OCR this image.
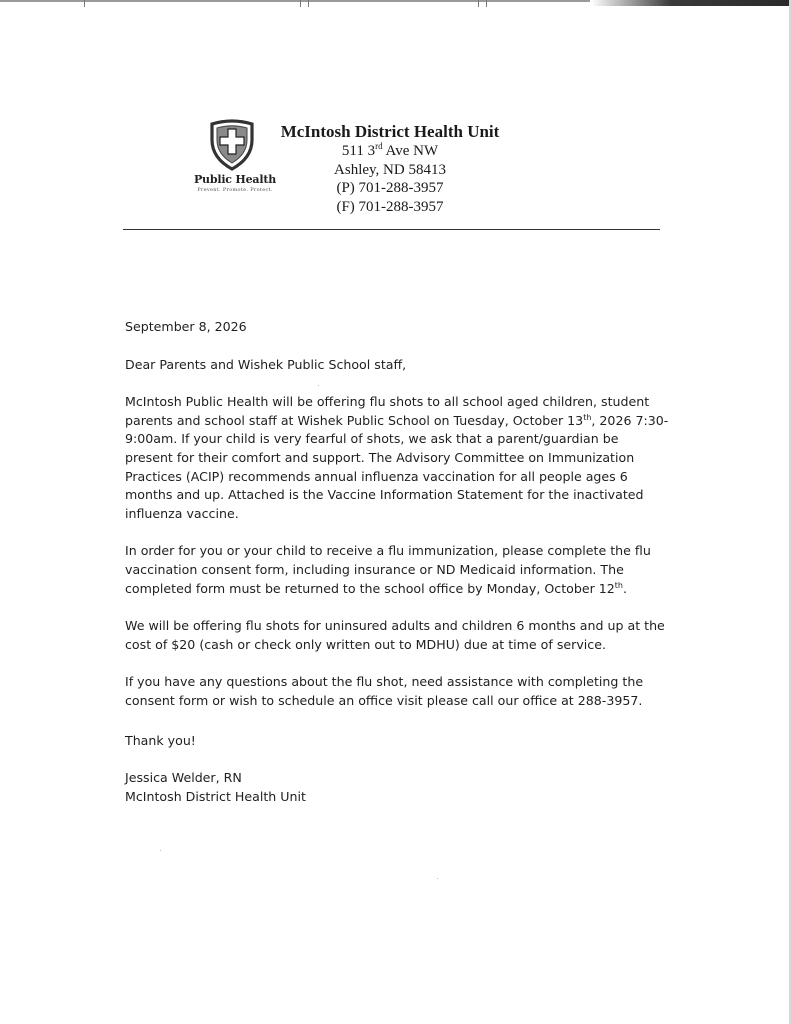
Public Health
Prevent. Promote. Protect.
McIntosh District Health Unit
511 3rd Ave NW
Ashley, ND 58413
(P) 701-288-3957
(F) 701-288-3957

September 8, 2026

Dear Parents and Wishek Public School staff,

McIntosh Public Health will be offering flu shots to all school aged children, student parents and school staff at Wishek Public School on Tuesday, October 13th, 2026 7:30-9:00am. If your child is very fearful of shots, we ask that a parent/guardian be present for their comfort and support. The Advisory Committee on Immunization Practices (ACIP) recommends annual influenza vaccination for all people ages 6 months and up. Attached is the Vaccine Information Statement for the inactivated influenza vaccine.

In order for you or your child to receive a flu immunization, please complete the flu vaccination consent form, including insurance or ND Medicaid information. The completed form must be returned to the school office by Monday, October 12th.

We will be offering flu shots for uninsured adults and children 6 months and up at the cost of $20 (cash or check only written out to MDHU) due at time of service.

If you have any questions about the flu shot, need assistance with completing the consent form or wish to schedule an office visit please call our office at 288-3957.

Thank you!

Jessica Welder, RN

McIntosh District Health Unit
